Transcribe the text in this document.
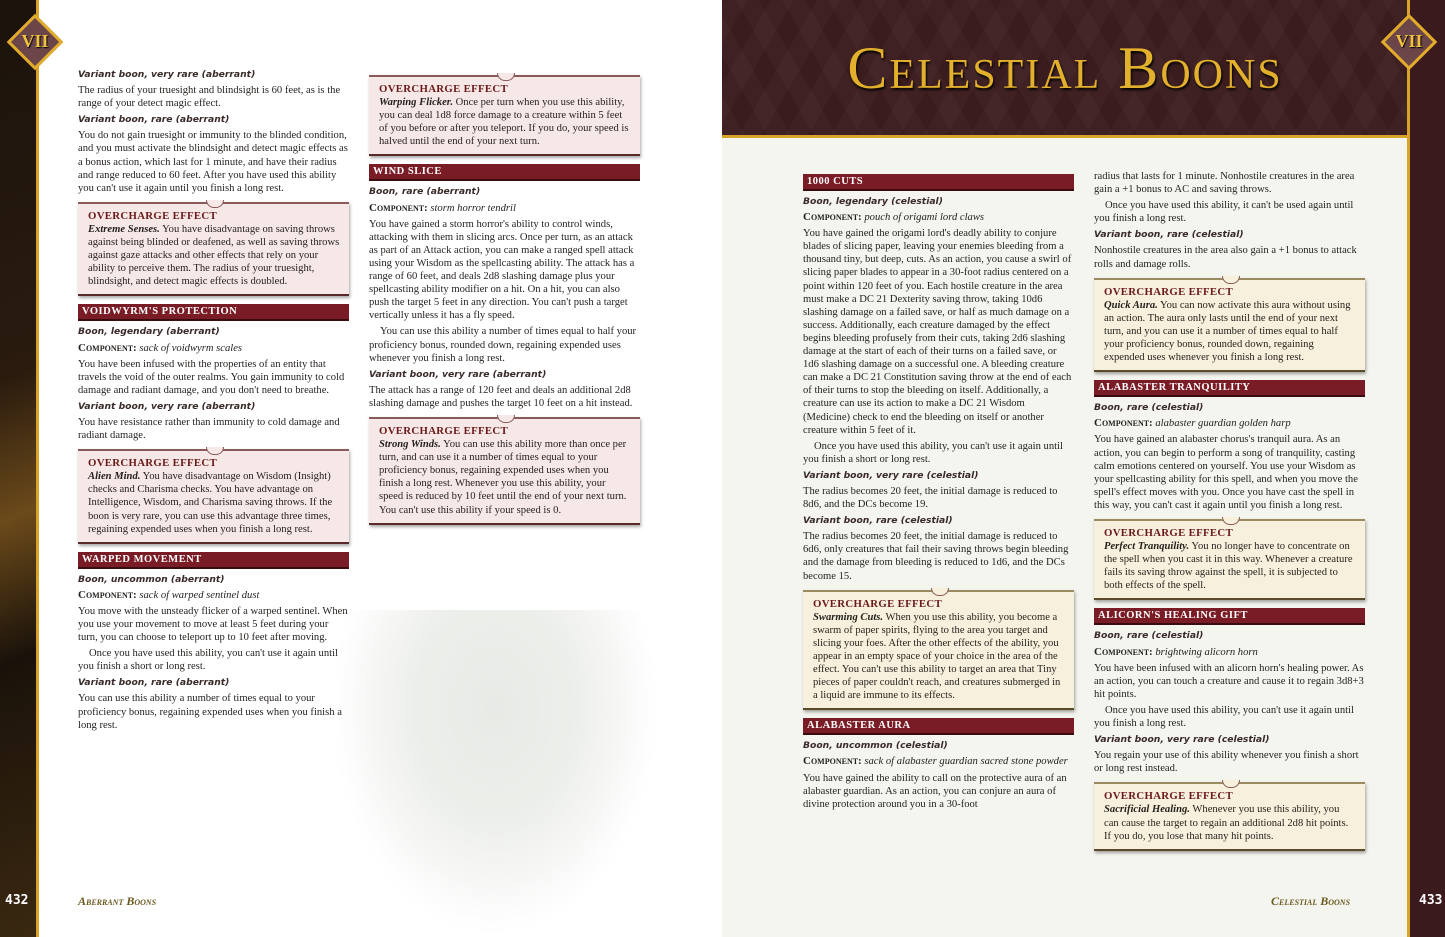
VII
Variant boon, very rare (aberrant)

The radius of your truesight and blindsight is 60 feet, as is the range of your detect magic effect.

Variant boon, rare (aberrant)

You do not gain truesight or immunity to the blinded condition, and you must activate the blindsight and detect magic effects as a bonus action, which last for 1 minute, and have their radius and range reduced to 60 feet. After you have used this ability you can't use it again until you finish a long rest.

OVERCHARGE EFFECT

Extreme Senses. You have disadvantage on saving throws against being blinded or deafened, as well as saving throws against gaze attacks and other effects that rely on your ability to perceive them. The radius of your truesight, blindsight, and detect magic effects is doubled.

VOIDWYRM'S PROTECTION
Boon, legendary (aberrant)

Component: sack of voidwyrm scales

You have been infused with the properties of an entity that travels the void of the outer realms. You gain immunity to cold damage and radiant damage, and you don't need to breathe.

Variant boon, very rare (aberrant)

You have resistance rather than immunity to cold damage and radiant damage.

OVERCHARGE EFFECT

Alien Mind. You have disadvantage on Wisdom (Insight) checks and Charisma checks. You have advantage on Intelligence, Wisdom, and Charisma saving throws. If the boon is very rare, you can use this advantage three times, regaining expended uses when you finish a long rest.

WARPED MOVEMENT
Boon, uncommon (aberrant)

Component: sack of warped sentinel dust

You move with the unsteady flicker of a warped sentinel. When you use your movement to move at least 5 feet during your turn, you can choose to teleport up to 10 feet after moving.

Once you have used this ability, you can't use it again until you finish a short or long rest.

Variant boon, rare (aberrant)

You can use this ability a number of times equal to your proficiency bonus, regaining expended uses when you finish a long rest.

OVERCHARGE EFFECT

Warping Flicker. Once per turn when you use this ability, you can deal 1d8 force damage to a creature within 5 feet of you before or after you teleport. If you do, your speed is halved until the end of your next turn.

WIND SLICE
Boon, rare (aberrant)

Component: storm horror tendril

You have gained a storm horror's ability to control winds, attacking with them in slicing arcs. Once per turn, as an attack as part of an Attack action, you can make a ranged spell attack using your Wisdom as the spellcasting ability. The attack has a range of 60 feet, and deals 2d8 slashing damage plus your spellcasting ability modifier on a hit. On a hit, you can also push the target 5 feet in any direction. You can't push a target vertically unless it has a fly speed.

You can use this ability a number of times equal to half your proficiency bonus, rounded down, regaining expended uses whenever you finish a long rest.

Variant boon, very rare (aberrant)

The attack has a range of 120 feet and deals an additional 2d8 slashing damage and pushes the target 10 feet on a hit instead.

OVERCHARGE EFFECT

Strong Winds. You can use this ability more than once per turn, and can use it a number of times equal to your proficiency bonus, regaining expended uses when you finish a long rest. Whenever you use this ability, your speed is reduced by 10 feet until the end of your next turn. You can't use this ability if your speed is 0.

432	Aberrant Boons
Celestial Boons	VII
1000 CUTS
Boon, legendary (celestial)

Component: pouch of origami lord claws

You have gained the origami lord's deadly ability to conjure blades of slicing paper, leaving your enemies bleeding from a thousand tiny, but deep, cuts. As an action, you cause a swirl of slicing paper blades to appear in a 30-foot radius centered on a point within 120 feet of you. Each hostile creature in the area must make a DC 21 Dexterity saving throw, taking 10d6 slashing damage on a failed save, or half as much damage on a success. Additionally, each creature damaged by the effect begins bleeding profusely from their cuts, taking 2d6 slashing damage at the start of each of their turns on a failed save, or 1d6 slashing damage on a successful one. A bleeding creature can make a DC 21 Constitution saving throw at the end of each of their turns to stop the bleeding on itself. Additionally, a creature can use its action to make a DC 21 Wisdom (Medicine) check to end the bleeding on itself or another creature within 5 feet of it.

Once you have used this ability, you can't use it again until you finish a short or long rest.

Variant boon, very rare (celestial)

The radius becomes 20 feet, the initial damage is reduced to 8d6, and the DCs become 19.

Variant boon, rare (celestial)

The radius becomes 20 feet, the initial damage is reduced to 6d6, only creatures that fail their saving throws begin bleeding and the damage from bleeding is reduced to 1d6, and the DCs become 15.

OVERCHARGE EFFECT

Swarming Cuts. When you use this ability, you become a swarm of paper spirits, flying to the area you target and slicing your foes. After the other effects of the ability, you appear in an empty space of your choice in the area of the effect. You can't use this ability to target an area that Tiny pieces of paper couldn't reach, and creatures submerged in a liquid are immune to its effects.

ALABASTER AURA
Boon, uncommon (celestial)

Component: sack of alabaster guardian sacred stone powder

You have gained the ability to call on the protective aura of an alabaster guardian. As an action, you can conjure an aura of divine protection around you in a 30-foot

radius that lasts for 1 minute. Nonhostile creatures in the area gain a +1 bonus to AC and saving throws.

Once you have used this ability, it can't be used again until you finish a long rest.

Variant boon, rare (celestial)

Nonhostile creatures in the area also gain a +1 bonus to attack rolls and damage rolls.

OVERCHARGE EFFECT

Quick Aura. You can now activate this aura without using an action. The aura only lasts until the end of your next turn, and you can use it a number of times equal to half your proficiency bonus, rounded down, regaining expended uses whenever you finish a long rest.

ALABASTER TRANQUILITY
Boon, rare (celestial)

Component: alabaster guardian golden harp

You have gained an alabaster chorus's tranquil aura. As an action, you can begin to perform a song of tranquility, casting calm emotions centered on yourself. You use your Wisdom as your spellcasting ability for this spell, and when you move the spell's effect moves with you. Once you have cast the spell in this way, you can't cast it again until you finish a long rest.

OVERCHARGE EFFECT

Perfect Tranquility. You no longer have to concentrate on the spell when you cast it in this way. Whenever a creature fails its saving throw against the spell, it is subjected to both effects of the spell.

ALICORN'S HEALING GIFT
Boon, rare (celestial)

Component: brightwing alicorn horn

You have been infused with an alicorn horn's healing power. As an action, you can touch a creature and cause it to regain 3d8+3 hit points.

Once you have used this ability, you can't use it again until you finish a long rest.

Variant boon, very rare (celestial)

You regain your use of this ability whenever you finish a short or long rest instead.

OVERCHARGE EFFECT

Sacrificial Healing. Whenever you use this ability, you can cause the target to regain an additional 2d8 hit points. If you do, you lose that many hit points.

433
Celestial Boons
